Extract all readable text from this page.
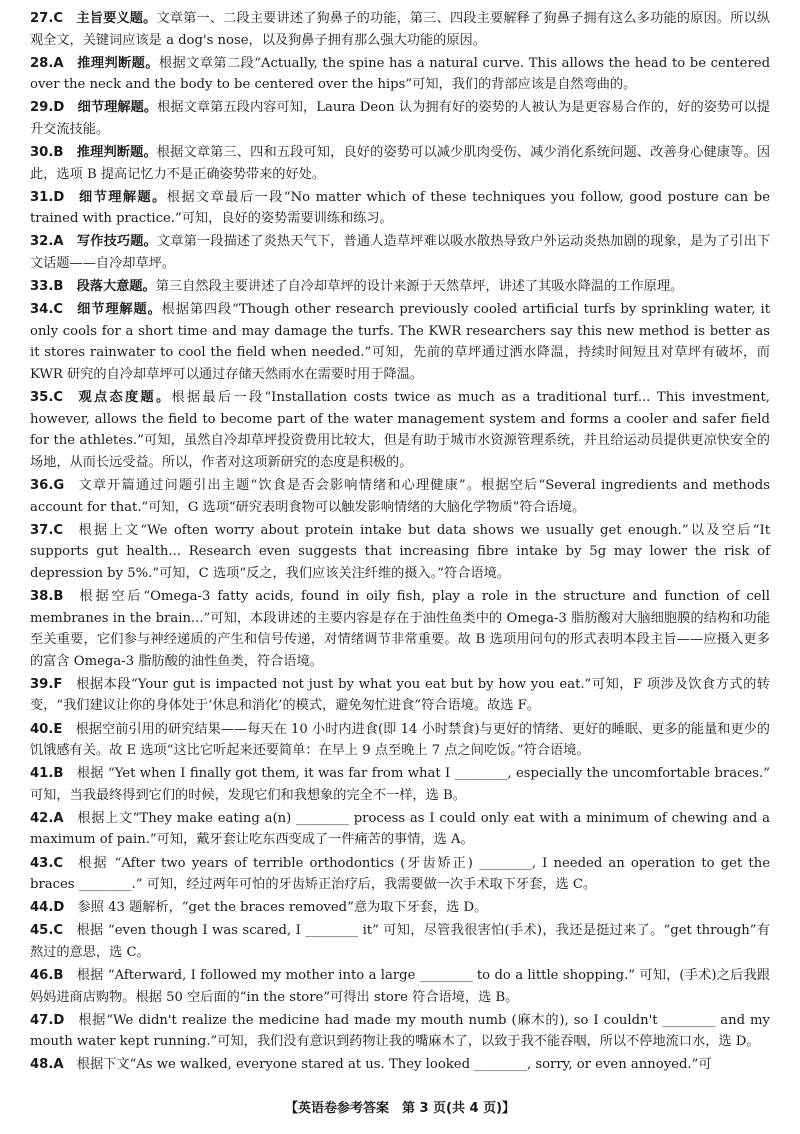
27.C  主旨要义题。文章第一、二段主要讲述了狗鼻子的功能，第三、四段主要解释了狗鼻子拥有这么多功能的原因。所以纵观全文，关键词应该是 a dog's nose，以及狗鼻子拥有那么强大功能的原因。

28.A  推理判断题。根据文章第二段“Actually, the spine has a natural curve. This allows the head to be centered over the neck and the body to be centered over the hips”可知，我们的背部应该是自然弯曲的。

29.D  细节理解题。根据文章第五段内容可知，Laura Deon 认为拥有好的姿势的人被认为是更容易合作的，好的姿势可以提升交流技能。

30.B  推理判断题。根据文章第三、四和五段可知，良好的姿势可以减少肌肉受伤、减少消化系统问题、改善身心健康等。因此，选项 B 提高记忆力不是正确姿势带来的好处。

31.D  细节理解题。根据文章最后一段“No matter which of these techniques you follow, good posture can be trained with practice.”可知，良好的姿势需要训练和练习。

32.A  写作技巧题。文章第一段描述了炎热天气下，普通人造草坪难以吸水散热导致户外运动炎热加剧的现象，是为了引出下文话题——自冷却草坪。

33.B  段落大意题。第三自然段主要讲述了自冷却草坪的设计来源于天然草坪，讲述了其吸水降温的工作原理。

34.C  细节理解题。根据第四段“Though other research previously cooled artificial turfs by sprinkling water, it only cools for a short time and may damage the turfs. The KWR researchers say this new method is better as it stores rainwater to cool the field when needed.”可知，先前的草坪通过洒水降温，持续时间短且对草坪有破坏，而 KWR 研究的自冷却草坪可以通过存储天然雨水在需要时用于降温。

35.C  观点态度题。根据最后一段“Installation costs twice as much as a traditional turf... This investment, however, allows the field to become part of the water management system and forms a cooler and safer field for the athletes.”可知，虽然自冷却草坪投资费用比较大，但是有助于城市水资源管理系统，并且给运动员提供更凉快安全的场地，从而长远受益。所以，作者对这项新研究的态度是积极的。

36.G  文章开篇通过问题引出主题“饮食是否会影响情绪和心理健康”。根据空后“Several ingredients and methods account for that.”可知，G 选项“研究表明食物可以触发影响情绪的大脑化学物质”符合语境。

37.C  根据上文“We often worry about protein intake but data shows we usually get enough.”以及空后“It supports gut health... Research even suggests that increasing fibre intake by 5g may lower the risk of depression by 5%.”可知，C 选项“反之，我们应该关注纤维的摄入。”符合语境。

38.B  根据空后“Omega-3 fatty acids, found in oily fish, play a role in the structure and function of cell membranes in the brain...”可知，本段讲述的主要内容是存在于油性鱼类中的 Omega-3 脂肪酸对大脑细胞膜的结构和功能至关重要，它们参与神经递质的产生和信号传递，对情绪调节非常重要。故 B 选项用问句的形式表明本段主旨——应摄入更多的富含 Omega-3 脂肪酸的油性鱼类，符合语境。

39.F  根据本段“Your gut is impacted not just by what you eat but by how you eat.”可知，F 项涉及饮食方式的转变，“我们建议让你的身体处于‘休息和消化’的模式，避免匆忙进食”符合语境。故选 F。

40.E  根据空前引用的研究结果——每天在 10 小时内进食(即 14 小时禁食)与更好的情绪、更好的睡眠、更多的能量和更少的饥饿感有关。故 E 选项“这比它听起来还要简单：在早上 9 点至晚上 7 点之间吃饭。”符合语境。

41.B  根据 “Yet when I finally got them, it was far from what I ________, especially the uncomfortable braces.” 可知，当我最终得到它们的时候，发现它们和我想象的完全不一样，选 B。

42.A  根据上文“They make eating a(n) ________ process as I could only eat with a minimum of chewing and a maximum of pain.”可知，戴牙套让吃东西变成了一件痛苦的事情，选 A。

43.C  根据 “After two years of terrible orthodontics (牙齿矫正) ________, I needed an operation to get the braces ________.” 可知，经过两年可怕的牙齿矫正治疗后，我需要做一次手术取下牙套，选 C。

44.D  参照 43 题解析，“get the braces removed”意为取下牙套，选 D。

45.C  根据 “even though I was scared, I ________ it” 可知，尽管我很害怕(手术)，我还是挺过来了。“get through”有熬过的意思，选 C。

46.B  根据 “Afterward, I followed my mother into a large ________ to do a little shopping.” 可知，(手术)之后我跟妈妈进商店购物。根据 50 空后面的“in the store”可得出 store 符合语境，选 B。

47.D  根据“We didn't realize the medicine had made my mouth numb (麻木的), so I couldn't ________ and my mouth water kept running.”可知，我们没有意识到药物让我的嘴麻木了，以致于我不能吞咽，所以不停地流口水，选 D。

48.A  根据下文“As we walked, everyone stared at us. They looked ________, sorry, or even annoyed.”可

【英语卷参考答案　第 3 页(共 4 页)】
